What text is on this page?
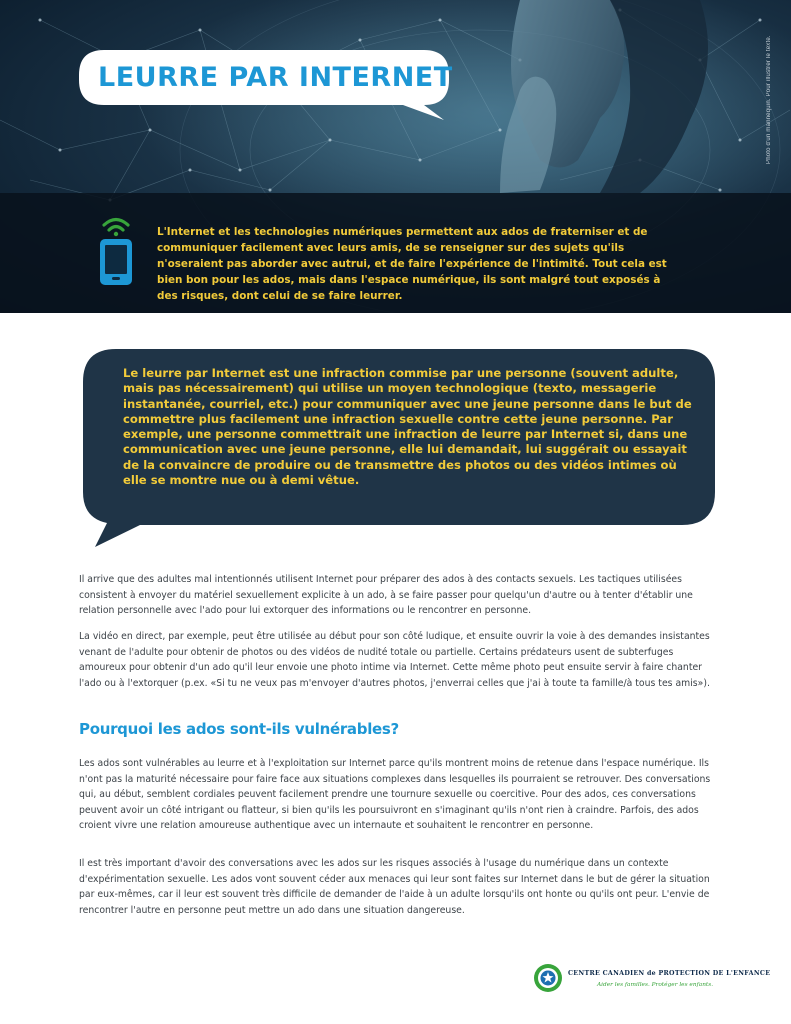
Photo d'un mannequin. Pour illustrer le texte.
LEURRE PAR INTERNET
L'Internet et les technologies numériques permettent aux ados de fraterniser et de communiquer facilement avec leurs amis, de se renseigner sur des sujets qu'ils n'oseraient pas aborder avec autrui, et de faire l'expérience de l'intimité. Tout cela est bien bon pour les ados, mais dans l'espace numérique, ils sont malgré tout exposés à des risques, dont celui de se faire leurrer.
Le leurre par Internet est une infraction commise par une personne (souvent adulte, mais pas nécessairement) qui utilise un moyen technologique (texto, messagerie instantanée, courriel, etc.) pour communiquer avec une jeune personne dans le but de commettre plus facilement une infraction sexuelle contre cette jeune personne. Par exemple, une personne commettrait une infraction de leurre par Internet si, dans une communication avec une jeune personne, elle lui demandait, lui suggérait ou essayait de la convaincre de produire ou de transmettre des photos ou des vidéos intimes où elle se montre nue ou à demi vêtue.

Il arrive que des adultes mal intentionnés utilisent Internet pour préparer des ados à des contacts sexuels. Les tactiques utilisées consistent à envoyer du matériel sexuellement explicite à un ado, à se faire passer pour quelqu'un d'autre ou à tenter d'établir une relation personnelle avec l'ado pour lui extorquer des informations ou le rencontrer en personne.

La vidéo en direct, par exemple, peut être utilisée au début pour son côté ludique, et ensuite ouvrir la voie à des demandes insistantes venant de l'adulte pour obtenir de photos ou des vidéos de nudité totale ou partielle. Certains prédateurs usent de subterfuges amoureux pour obtenir d'un ado qu'il leur envoie une photo intime via Internet. Cette même photo peut ensuite servir à faire chanter l'ado ou à l'extorquer (p.ex. «Si tu ne veux pas m'envoyer d'autres photos, j'enverrai celles que j'ai à toute ta famille/à tous tes amis»).

Pourquoi les ados sont-ils vulnérables?

Les ados sont vulnérables au leurre et à l'exploitation sur Internet parce qu'ils montrent moins de retenue dans l'espace numérique. Ils n'ont pas la maturité nécessaire pour faire face aux situations complexes dans lesquelles ils pourraient se retrouver. Des conversations qui, au début, semblent cordiales peuvent facilement prendre une tournure sexuelle ou coercitive. Pour des ados, ces conversations peuvent avoir un côté intrigant ou flatteur, si bien qu'ils les poursuivront en s'imaginant qu'ils n'ont rien à craindre. Parfois, des ados croient vivre une relation amoureuse authentique avec un internaute et souhaitent le rencontrer en personne.

Il est très important d'avoir des conversations avec les ados sur les risques associés à l'usage du numérique dans un contexte d'expérimentation sexuelle. Les ados vont souvent céder aux menaces qui leur sont faites sur Internet dans le but de gérer la situation par eux-mêmes, car il leur est souvent très difficile de demander de l'aide à un adulte lorsqu'ils ont honte ou qu'ils ont peur. L'envie de rencontrer l'autre en personne peut mettre un ado dans une situation dangereuse.

CENTRE CANADIEN de PROTECTION DE L'ENFANCE
Aider les familles. Protéger les enfants.
